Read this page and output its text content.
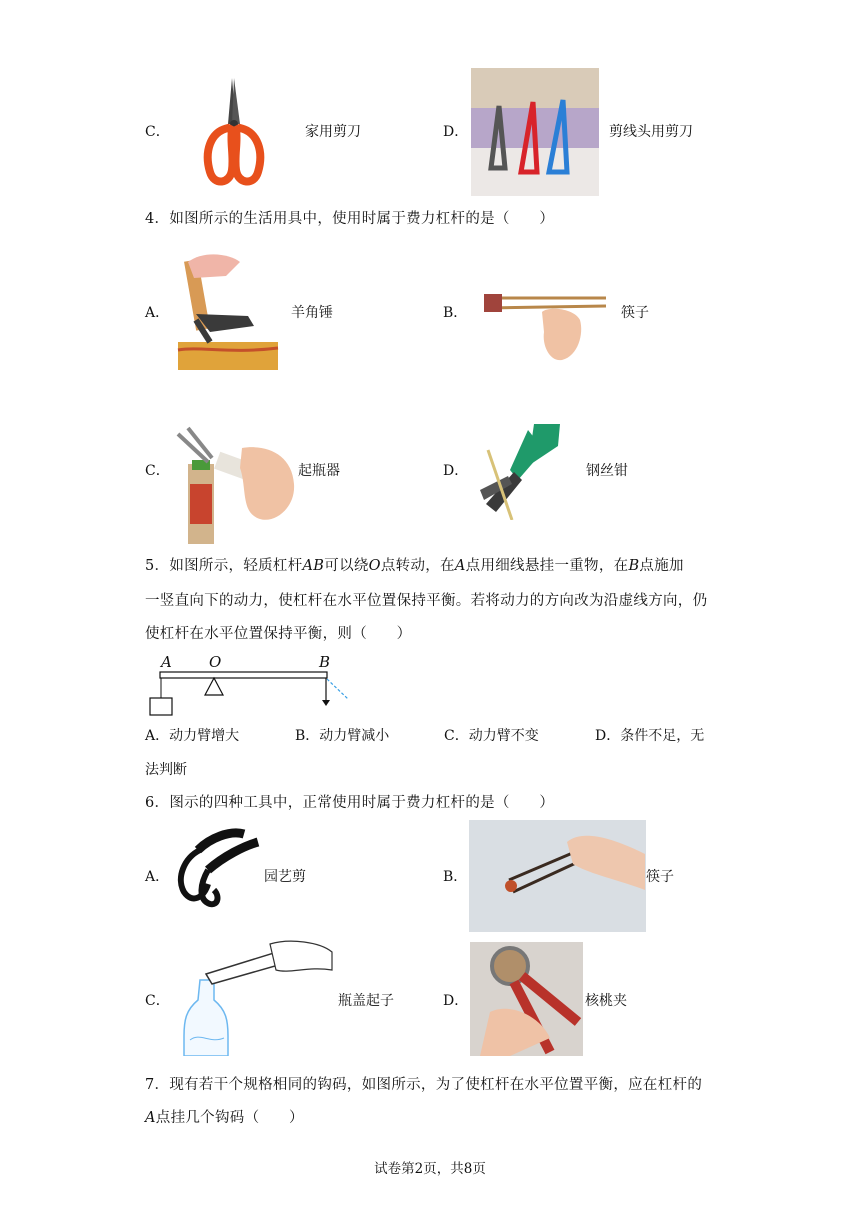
C．	家用剪刀	D．	剪线头用剪刀
4．如图所示的生活用具中，使用时属于费力杠杆的是（　　）
A．	羊角锤	B．	筷子
C．	起瓶器	D．	钢丝钳
5．如图所示，轻质杠杆AB可以绕O点转动，在A点用细线悬挂一重物，在B点施加
一竖直向下的动力，使杠杆在水平位置保持平衡。若将动力的方向改为沿虚线方向，仍
使杠杆在水平位置保持平衡，则（　　）
A O	B
A．动力臂增大	B．动力臂减小	C．动力臂不变	D．条件不足，无
法判断
6．图示的四种工具中，正常使用时属于费力杠杆的是（　　）
A．	园艺剪	B．	筷子
C．	瓶盖起子	D．	核桃夹
7．现有若干个规格相同的钩码，如图所示，为了使杠杆在水平位置平衡，应在杠杆的
A点挂几个钩码（　　）
试卷第2页，共8页
